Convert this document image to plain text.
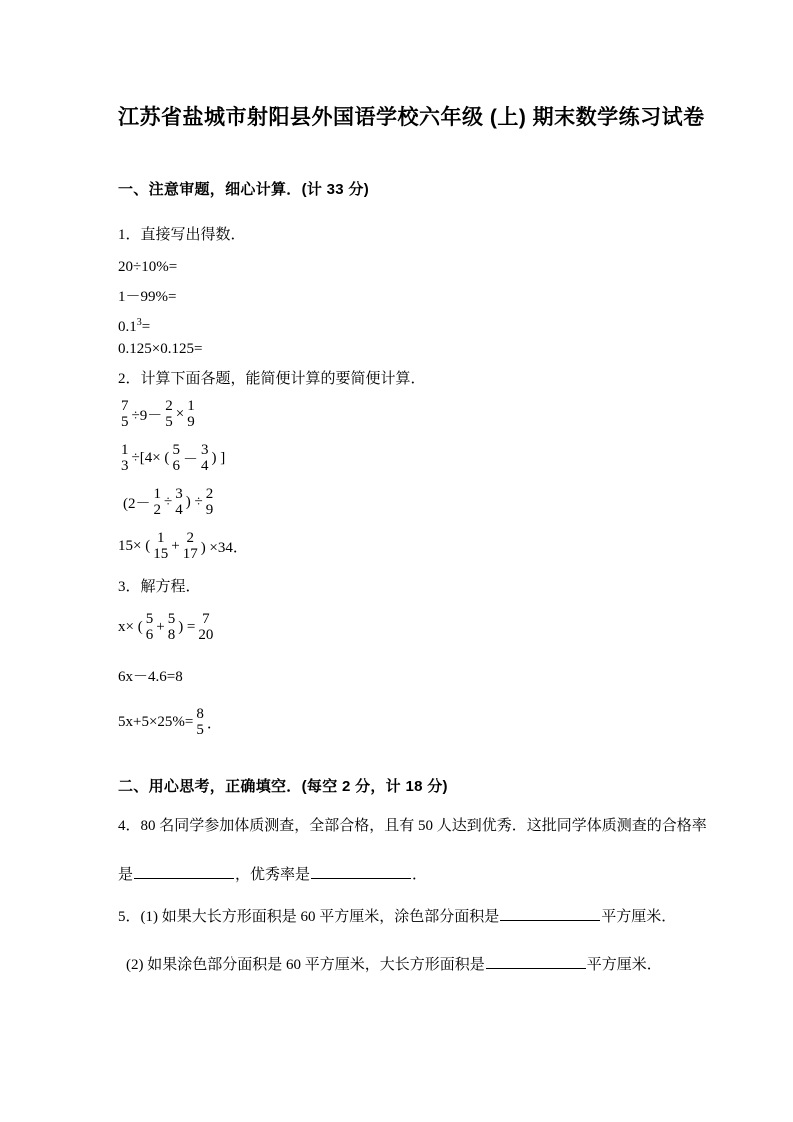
江苏省盐城市射阳县外国语学校六年级 (上) 期末数学练习试卷
一、注意审题，细心计算．(计 33 分)

1．直接写出得数．

20÷10%=
1－99%=
$0.1^3=$
0.125×0.125=

2．计算下面各题，能简便计算的要简便计算．

7
5 ÷9－
2
5
× 1
9
1
3
÷[4× ( 5
6 －
3
4
) ]
(2－
1
2
÷ 3
4
) ÷ 2
9
15× ( 1
15
+ 2
17 ) ×34．

3．解方程．

x× ( 5
6
+ 5
8
) = 7
20
6x－4.6=8
5x+5×25%= 8
5 ．
二、用心思考，正确填空．(每空 2 分，计 18 分)

4．80 名同学参加体质测查，全部合格，且有 50 人达到优秀．这批同学体质测查的合格率

是	，优秀率是	．
5．(1) 如果大长方形面积是 60 平方厘米，涂色部分面积是	平方厘米．
(2) 如果涂色部分面积是 60 平方厘米，大长方形面积是	平方厘米．
